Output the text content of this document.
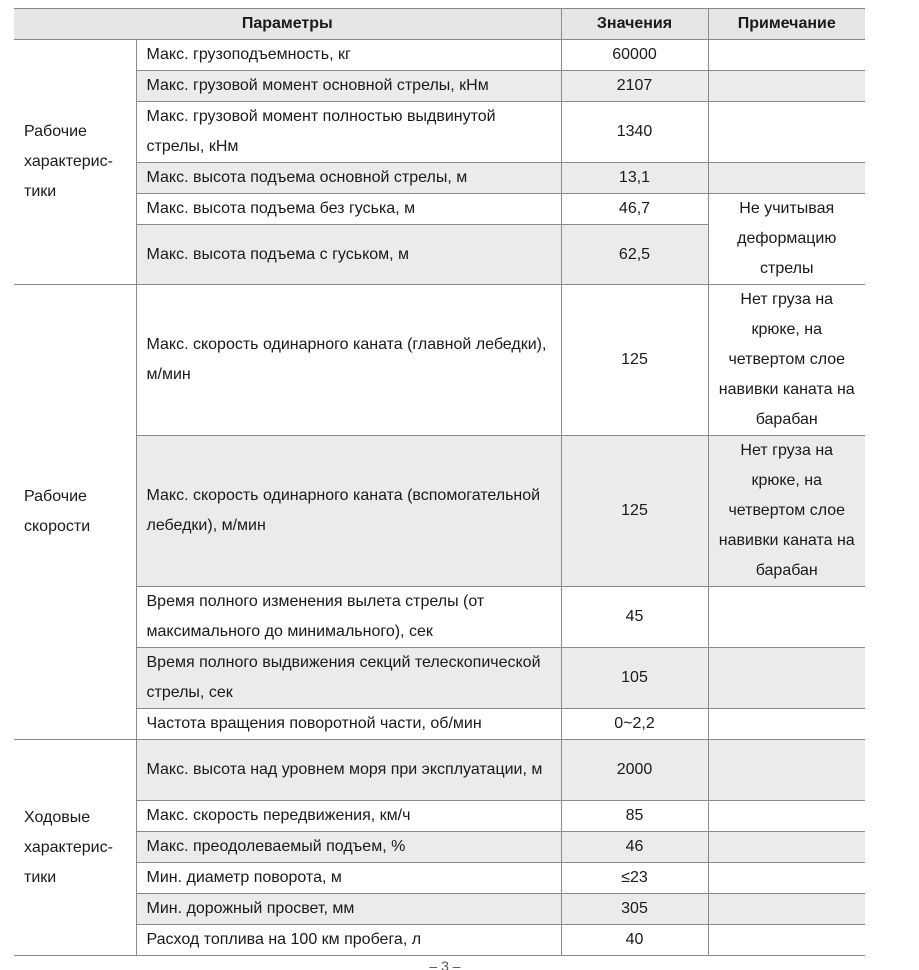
Параметры		Значения	Примечание
Рабочие характерис-тики	Макс. грузоподъемность, кг	60000	
	Макс. грузовой момент основной стрелы, кНм	2107	
	Макс. грузовой момент полностью выдвинутой стрелы, кНм	1340	
	Макс. высота подъема основной стрелы, м	13,1	
	Макс. высота подъема без гуська, м	46,7	Не учитывая деформацию стрелы
	Макс. высота подъема с гуськом, м	62,5	
Рабочие скорости	Макс. скорость одинарного каната (главной лебедки), м/мин	125	Нет груза на крюке, на четвертом слое навивки каната на барабан
	Макс. скорость одинарного каната (вспомогательной лебедки), м/мин	125	Нет груза на крюке, на четвертом слое навивки каната на барабан
	Время полного изменения вылета стрелы (от максимального до минимального), сек	45	
	Время полного выдвижения секций телескопической стрелы, сек	105	
	Частота вращения поворотной части, об/мин	0~2,2	
Ходовые характерис-тики	Макс. высота над уровнем моря при эксплуатации, м	2000	
	Макс. скорость передвижения, км/ч	85	
	Макс. преодолеваемый подъем, %	46	
	Мин. диаметр поворота, м	≤23	
	Мин. дорожный просвет, мм	305	
	Расход топлива на 100 км пробега, л	40	
– 3 –
